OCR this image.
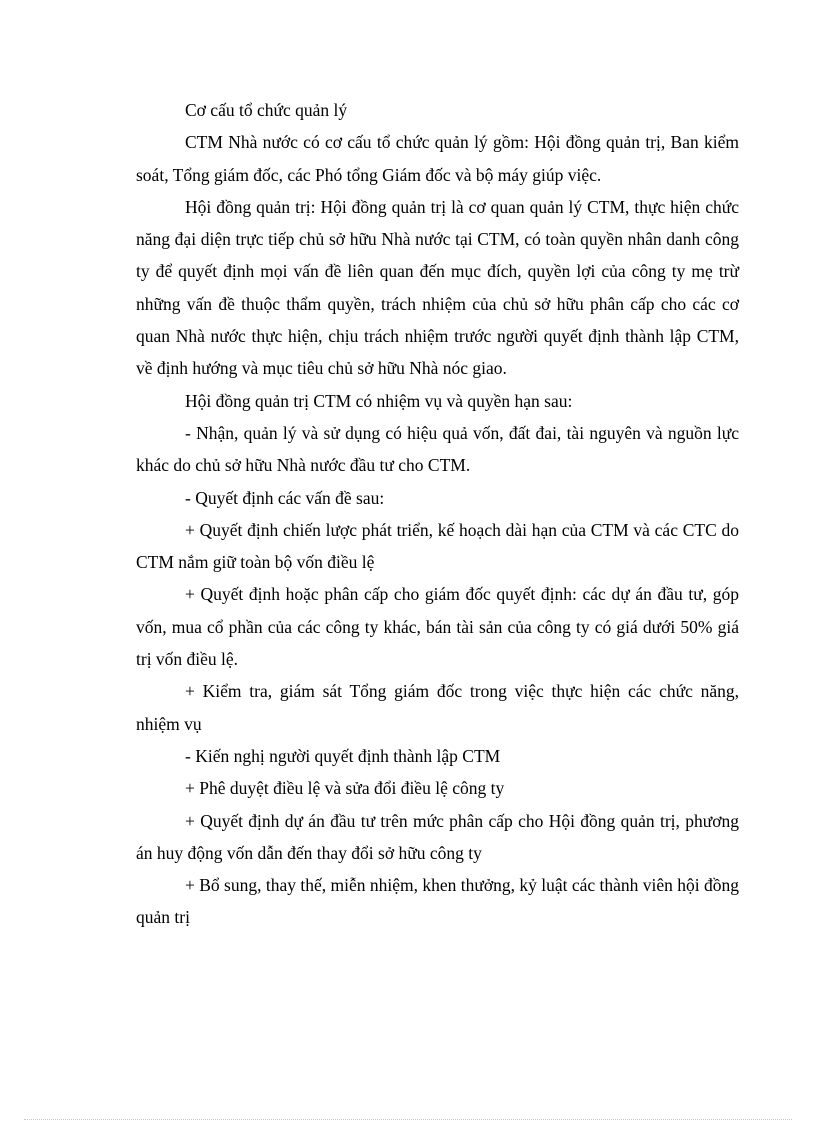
Cơ cấu tổ chức quản lý

CTM Nhà nước có cơ cấu tổ chức quản lý gồm: Hội đồng quản trị, Ban kiểm soát, Tổng giám đốc, các Phó tổng Giám đốc và bộ máy giúp việc.

Hội đồng quản trị: Hội đồng quản trị là cơ quan quản lý CTM, thực hiện chức năng đại diện trực tiếp chủ sở hữu Nhà nước tại CTM, có toàn quyền nhân danh công ty để quyết định mọi vấn đề liên quan đến mục đích, quyền lợi của công ty mẹ trừ những vấn đề thuộc thẩm quyền, trách nhiệm của chủ sở hữu phân cấp cho các cơ quan Nhà nước thực hiện, chịu trách nhiệm trước người quyết định thành lập CTM, về định hướng và mục tiêu chủ sở hữu Nhà nóc giao.

Hội đồng quản trị CTM có nhiệm vụ và quyền hạn sau:

- Nhận, quản lý và sử dụng có hiệu quả vốn, đất đai, tài nguyên và nguồn lực khác do chủ sở hữu Nhà nước đầu tư cho CTM.

- Quyết định các vấn đề sau:

+ Quyết định chiến lược phát triển, kế hoạch dài hạn của CTM và các CTC do CTM nắm giữ toàn bộ vốn điều lệ

+ Quyết định hoặc phân cấp cho giám đốc quyết định: các dự án đầu tư, góp vốn, mua cổ phần của các công ty khác, bán tài sản của công ty có giá dưới 50% giá trị vốn điều lệ.

+ Kiểm tra, giám sát Tổng giám đốc trong việc thực hiện các chức năng, nhiệm vụ

- Kiến nghị người quyết định thành lập CTM

+ Phê duyệt điều lệ và sửa đổi điều lệ công ty

+ Quyết định dự án đầu tư trên mức phân cấp cho Hội đồng quản trị, phương án huy động vốn dẫn đến thay đổi sở hữu công ty

+ Bổ sung, thay thế, miễn nhiệm, khen thưởng, kỷ luật các thành viên hội đồng quản trị
